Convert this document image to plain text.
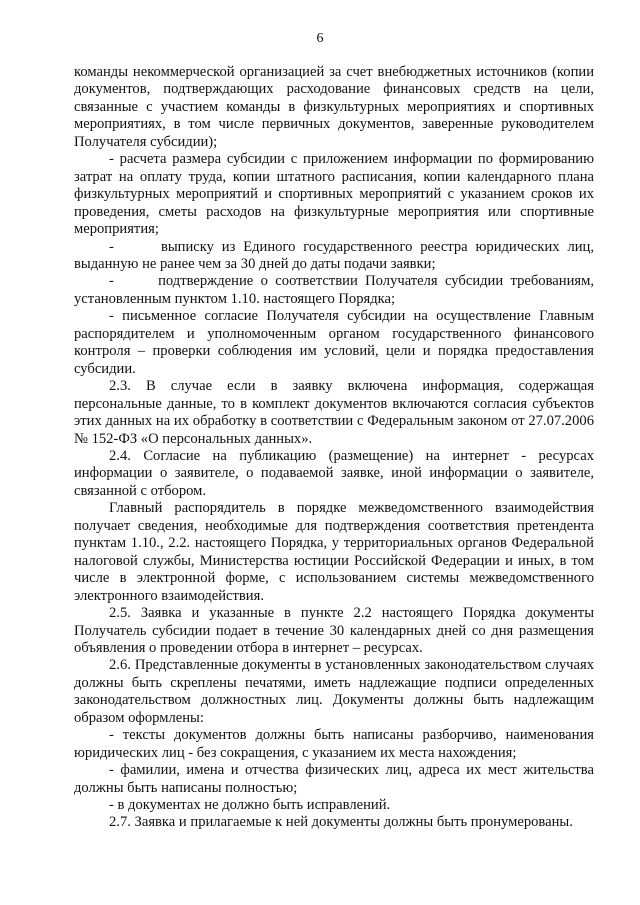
6

команды некоммерческой организацией за счет внебюджетных источников (копии документов, подтверждающих расходование финансовых средств на цели, связанные с участием команды в физкультурных мероприятиях и спортивных мероприятиях, в том числе первичных документов, заверенные руководителем Получателя субсидии);

- расчета размера субсидии с приложением информации по формированию затрат на оплату труда, копии штатного расписания, копии календарного плана физкультурных мероприятий и спортивных мероприятий с указанием сроков их проведения, сметы расходов на физкультурные мероприятия или спортивные мероприятия;

-      выписку из Единого государственного реестра юридических лиц, выданную не ранее чем за 30 дней до даты подачи заявки;

-      подтверждение о соответствии Получателя субсидии требованиям, установленным пунктом 1.10. настоящего Порядка;

- письменное согласие Получателя субсидии на осуществление Главным распорядителем и уполномоченным органом государственного финансового контроля – проверки соблюдения им условий, цели и порядка предоставления субсидии.

2.3. В случае если в заявку включена информация, содержащая персональные данные, то в комплект документов включаются согласия субъектов этих данных на их обработку в соответствии с Федеральным законом от 27.07.2006 № 152-ФЗ «О персональных данных».

2.4. Согласие на публикацию (размещение) на интернет - ресурсах информации о заявителе, о подаваемой заявке, иной информации о заявителе, связанной с отбором.

Главный распорядитель в порядке межведомственного взаимодействия получает сведения, необходимые для подтверждения соответствия претендента пунктам 1.10., 2.2. настоящего Порядка, у территориальных органов Федеральной налоговой службы, Министерства юстиции Российской Федерации и иных, в том числе в электронной форме, с использованием системы межведомственного электронного взаимодействия.

2.5. Заявка и указанные в пункте 2.2 настоящего Порядка документы Получатель субсидии подает в течение 30 календарных дней со дня размещения объявления о проведении отбора в интернет – ресурсах.

2.6. Представленные документы в установленных законодательством случаях должны быть скреплены печатями, иметь надлежащие подписи определенных законодательством должностных лиц. Документы должны быть надлежащим образом оформлены:

- тексты документов должны быть написаны разборчиво, наименования юридических лиц - без сокращения, с указанием их места нахождения;

- фамилии, имена и отчества физических лиц, адреса их мест жительства должны быть написаны полностью;

- в документах не должно быть исправлений.

2.7. Заявка и прилагаемые к ней документы должны быть пронумерованы.
